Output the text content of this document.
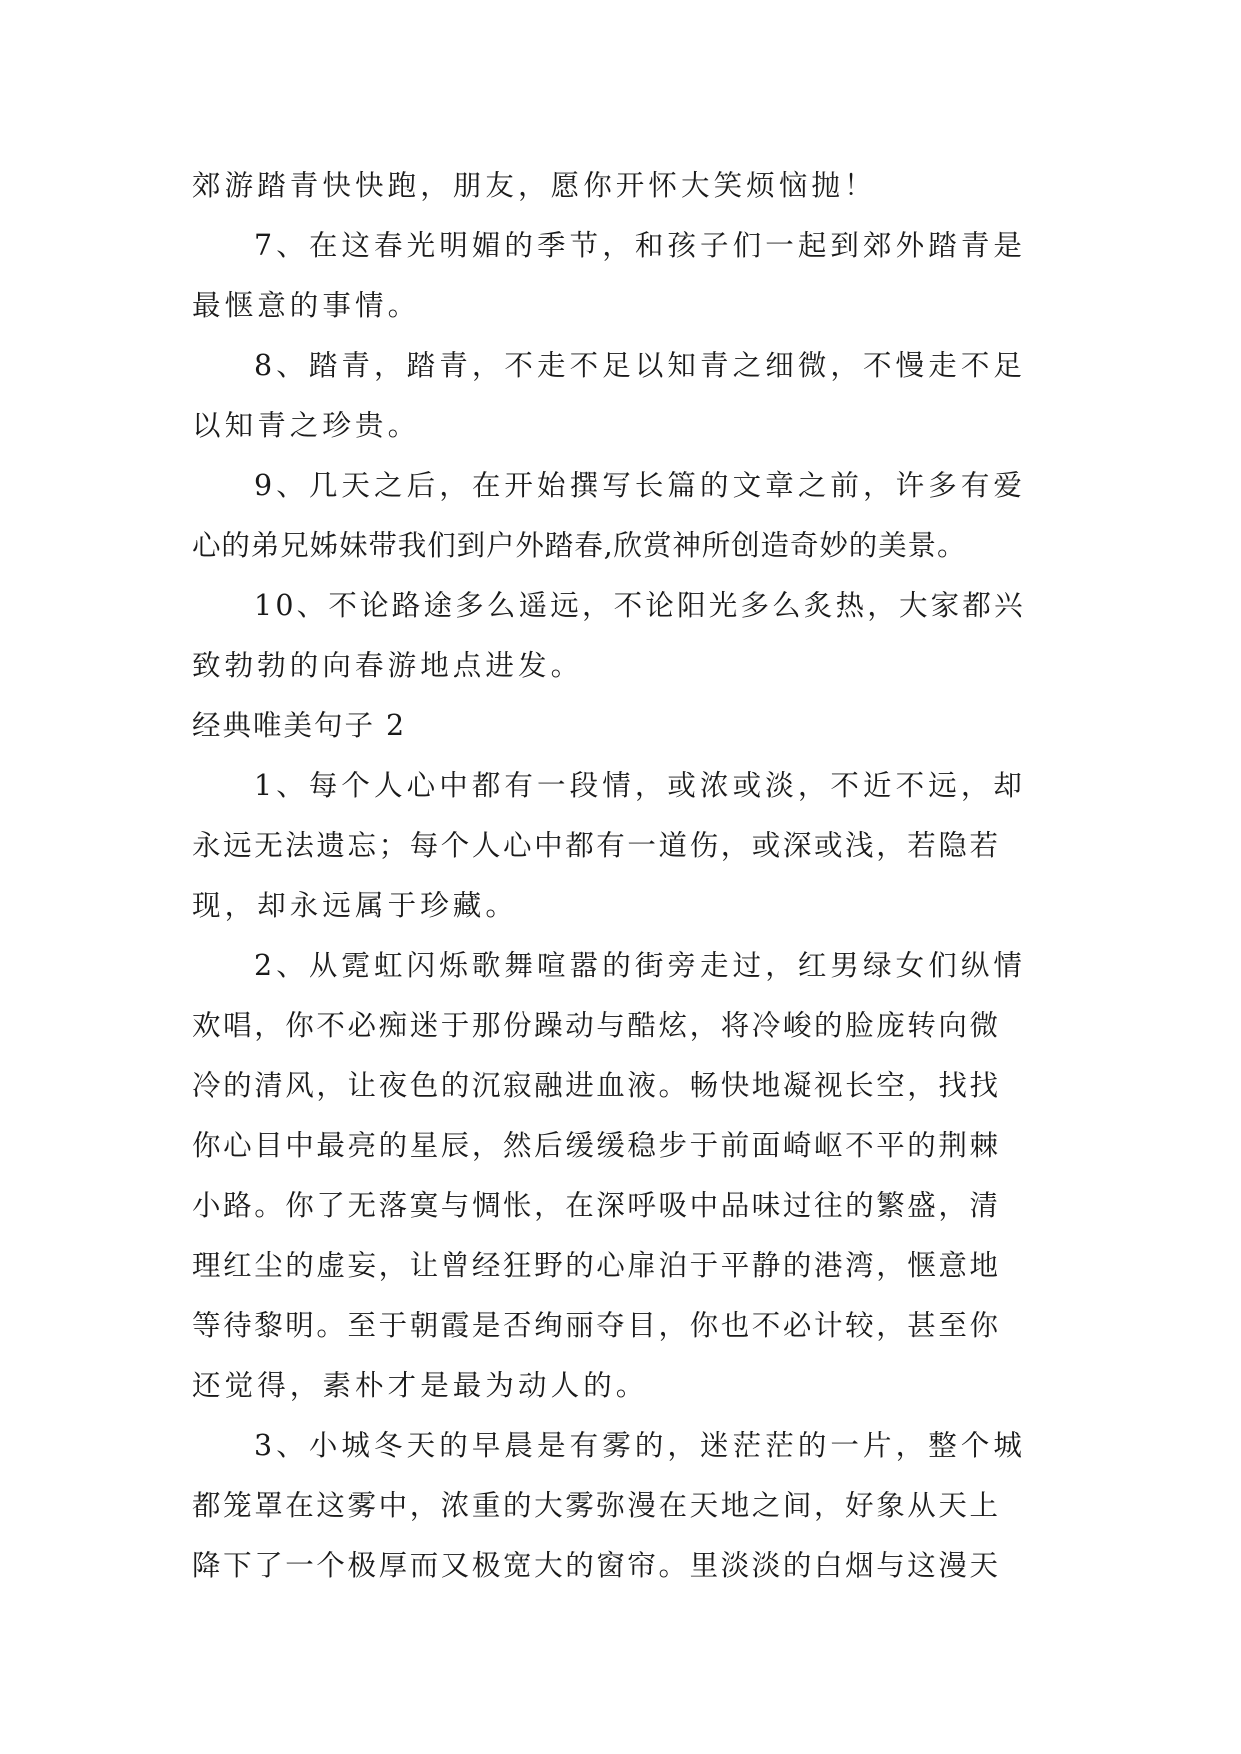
郊游踏青快快跑，朋友，愿你开怀大笑烦恼抛！
7、在这春光明媚的季节，和孩子们一起到郊外踏青是
最惬意的事情。
8、踏青，踏青，不走不足以知青之细微，不慢走不足
以知青之珍贵。
9、几天之后，在开始撰写长篇的文章之前，许多有爱
心的弟兄姊妹带我们到户外踏春,欣赏神所创造奇妙的美景。
10、不论路途多么遥远，不论阳光多么炙热，大家都兴
致勃勃的向春游地点进发。
经典唯美句子 2
1、每个人心中都有一段情，或浓或淡，不近不远，却
永远无法遗忘；每个人心中都有一道伤，或深或浅，若隐若
现，却永远属于珍藏。
2、从霓虹闪烁歌舞喧嚣的街旁走过，红男绿女们纵情
欢唱，你不必痴迷于那份躁动与酷炫，将冷峻的脸庞转向微
冷的清风，让夜色的沉寂融进血液。畅快地凝视长空，找找
你心目中最亮的星辰，然后缓缓稳步于前面崎岖不平的荆棘
小路。你了无落寞与惆怅，在深呼吸中品味过往的繁盛，清
理红尘的虚妄，让曾经狂野的心扉泊于平静的港湾，惬意地
等待黎明。至于朝霞是否绚丽夺目，你也不必计较，甚至你
还觉得，素朴才是最为动人的。
3、小城冬天的早晨是有雾的，迷茫茫的一片，整个城
都笼罩在这雾中，浓重的大雾弥漫在天地之间，好象从天上
降下了一个极厚而又极宽大的窗帘。里淡淡的白烟与这漫天
